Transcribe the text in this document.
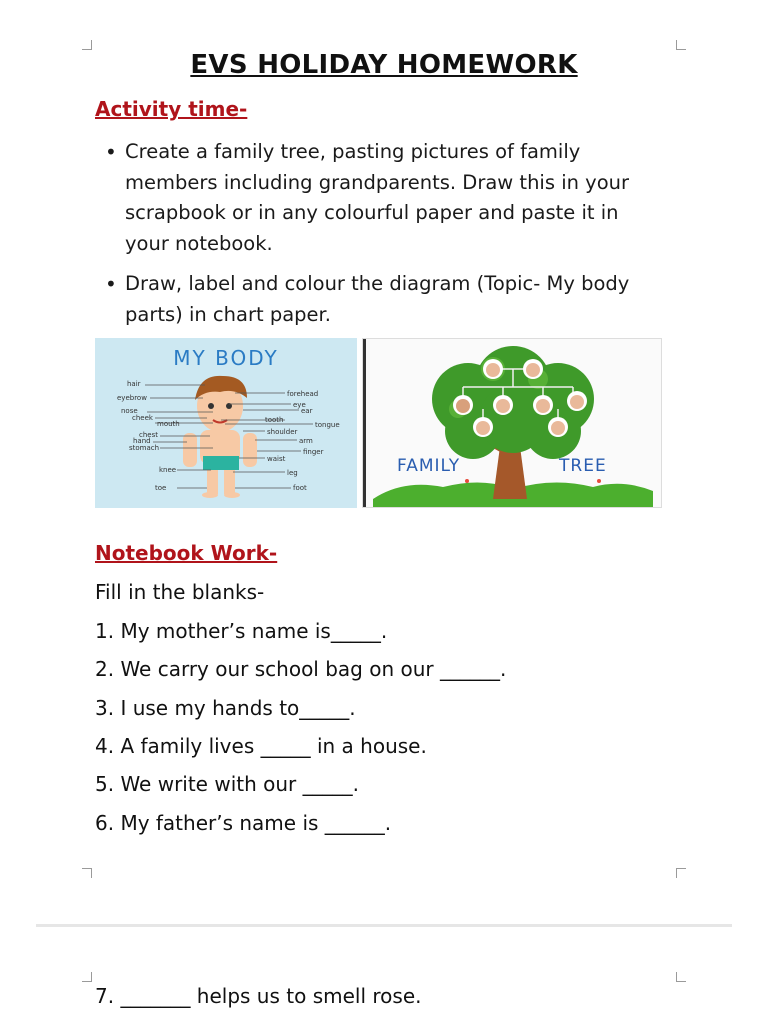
EVS HOLIDAY HOMEWORK
Activity time-
• Create a family tree, pasting pictures of family members including grandparents. Draw this in your scrapbook or in any colourful paper and paste it in your notebook.
• Draw, label and colour the diagram (Topic- My body parts) in chart paper.
MY BODY
hair
eyebrow
nose
cheek
mouth
chest
hand
stomach
knee
toe
forehead
eye
ear
tooth
tongue
shoulder
arm
finger
waist
leg
foot
FAMILY	TREE
Notebook Work-
Fill in the blanks-
1. My mother’s name is_____.
2. We carry our school bag on our ______.
3. I use my hands to_____.
4. A family lives _____ in a house.
5. We write with our _____.
6. My father’s name is ______.
7. _______ helps us to smell rose.
